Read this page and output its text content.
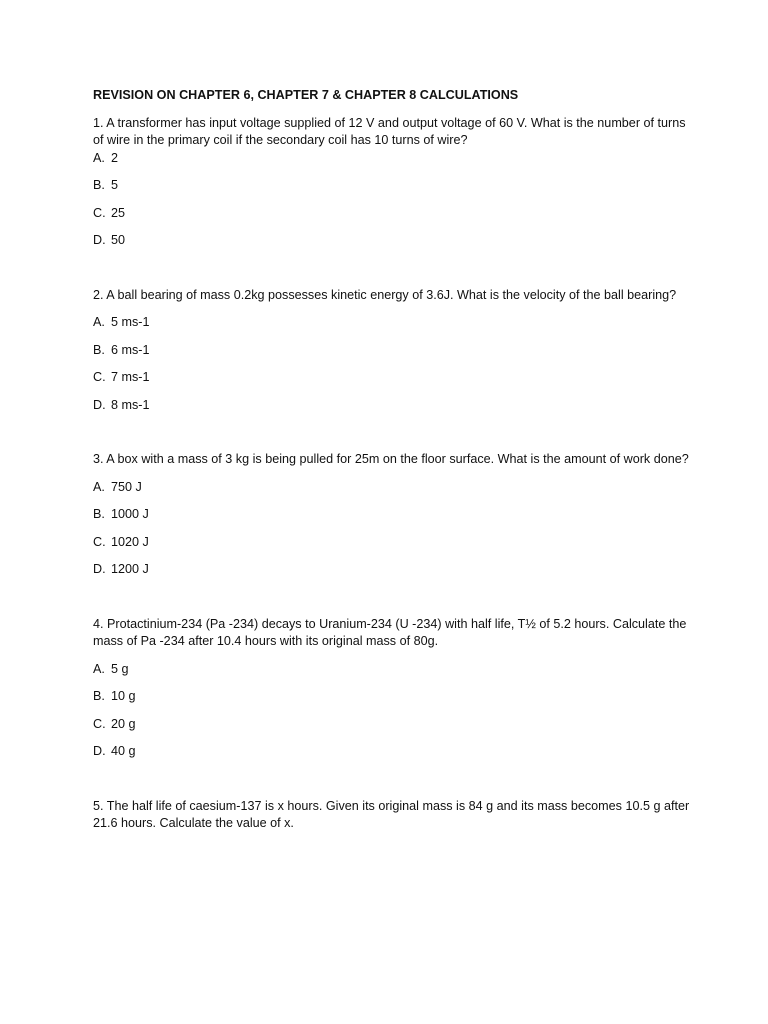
REVISION ON CHAPTER 6, CHAPTER 7 & CHAPTER 8 CALCULATIONS

1. A transformer has input voltage supplied of 12 V and output voltage of 60 V. What is the number of turns of wire in the primary coil if the secondary coil has 10 turns of wire?

A. 2

B. 5

C. 25

D. 50

2. A ball bearing of mass 0.2kg possesses kinetic energy of 3.6J. What is the velocity of the ball bearing?

A. 5 ms-1

B. 6 ms-1

C. 7 ms-1

D. 8 ms-1

3. A box with a mass of 3 kg is being pulled for 25m on the floor surface. What is the amount of work done?

A. 750 J

B. 1000 J

C. 1020 J

D. 1200 J

4. Protactinium-234 (Pa -234) decays to Uranium-234 (U -234) with half life, T½ of 5.2 hours. Calculate the mass of Pa -234 after 10.4 hours with its original mass of 80g.

A. 5 g

B. 10 g

C. 20 g

D. 40 g

5. The half life of caesium-137 is x hours. Given its original mass is 84 g and its mass becomes 10.5 g after 21.6 hours. Calculate the value of x.
